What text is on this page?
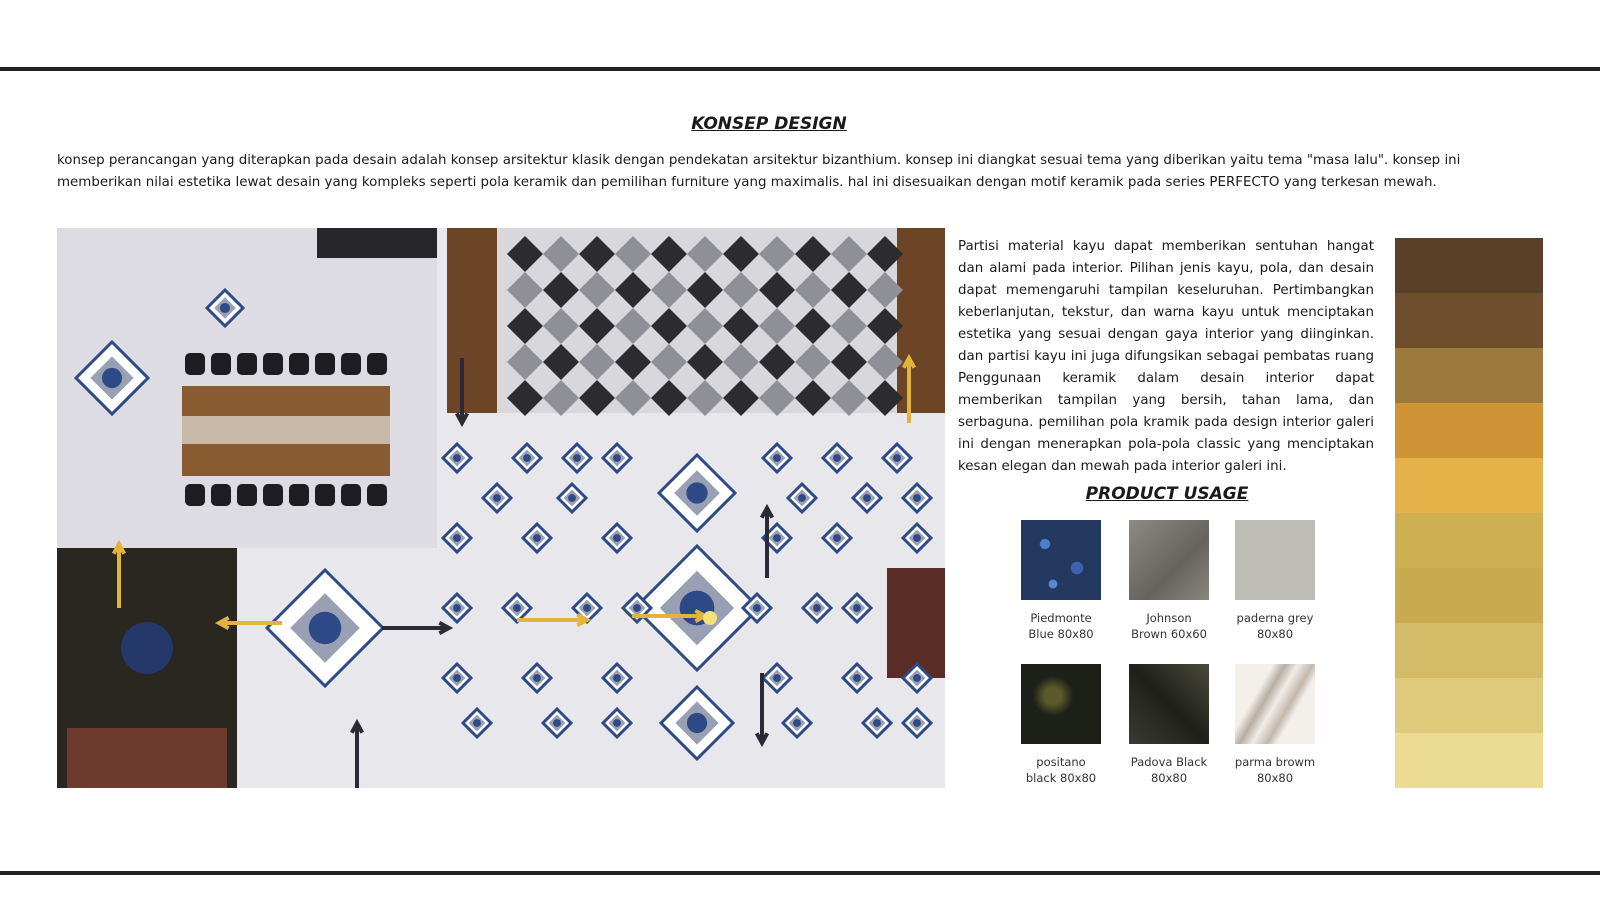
KONSEP DESIGN

konsep perancangan yang diterapkan pada desain adalah konsep arsitektur klasik dengan pendekatan arsitektur bizanthium. konsep ini diangkat sesuai tema yang diberikan yaitu tema "masa lalu". konsep ini memberikan nilai estetika lewat desain yang kompleks seperti pola keramik dan pemilihan furniture yang maximalis. hal ini disesuaikan dengan motif keramik pada series PERFECTO yang terkesan mewah.

Partisi material kayu dapat memberikan sentuhan hangat dan alami pada interior. Pilihan jenis kayu, pola, dan desain dapat memengaruhi tampilan keseluruhan. Pertimbangkan keberlanjutan, tekstur, dan warna kayu untuk menciptakan estetika yang sesuai dengan gaya interior yang diinginkan. dan partisi kayu ini juga difungsikan sebagai pembatas ruang Penggunaan keramik dalam desain interior dapat memberikan tampilan yang bersih, tahan lama, dan serbaguna. pemilihan pola kramik pada design interior galeri ini dengan menerapkan pola-pola classic yang menciptakan kesan elegan dan mewah pada interior galeri ini.

PRODUCT USAGE
Piedmonte
Blue 80x80
Johnson
Brown 60x60
paderna grey
80x80
positano
black 80x80
Padova Black
80x80
parma browm
80x80
